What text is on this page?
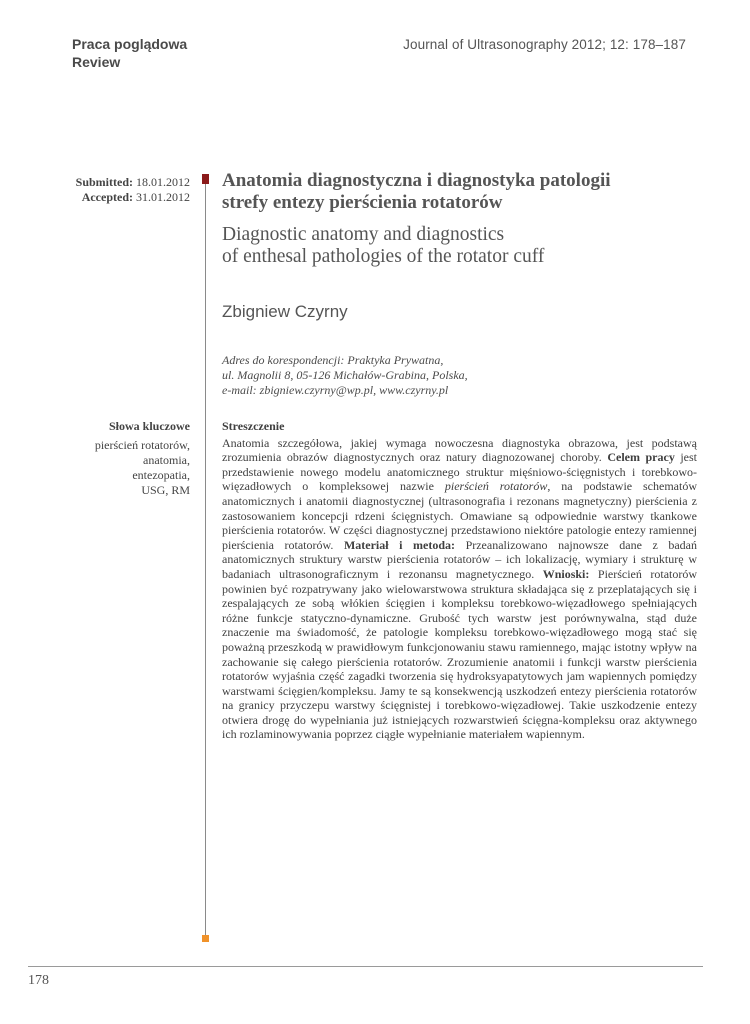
Praca poglądowa
Review
Journal of Ultrasonography 2012; 12: 178–187
Submitted: 18.01.2012
Accepted: 31.01.2012
Anatomia diagnostyczna i diagnostyka patologii
strefy entezy pierścienia rotatorów
Diagnostic anatomy and diagnostics
of enthesal pathologies of the rotator cuff
Zbigniew Czyrny
Adres do korespondencji: Praktyka Prywatna,
ul. Magnolii 8, 05-126 Michałów-Grabina, Polska,
e-mail: zbigniew.czyrny@wp.pl, www.czyrny.pl
Słowa kluczowe
pierścień rotatorów,
anatomia,
entezopatia,
USG, RM
Streszczenie
Anatomia szczegółowa, jakiej wymaga nowoczesna diagnostyka obrazowa, jest podstawą zrozumienia obrazów diagnostycznych oraz natury diagnozowanej choroby. Celem pracy jest przedstawienie nowego modelu anatomicznego struktur mięśniowo-ścięgnistych i torebkowo-więzadłowych o kompleksowej nazwie pierścień rotatorów, na podstawie schematów anatomicznych i anatomii diagnostycznej (ultrasonografia i rezonans magnetyczny) pierścienia z zastosowaniem koncepcji rdzeni ścięgnistych. Omawiane są odpowiednie warstwy tkankowe pierścienia rotatorów. W części diagnostycznej przedstawiono niektóre patologie entezy ramiennej pierścienia rotatorów. Materiał i metoda: Przeanalizowano najnowsze dane z badań anatomicznych struktury warstw pierścienia rotatorów – ich lokalizację, wymiary i strukturę w badaniach ultrasonograficznym i rezonansu magnetycznego. Wnioski: Pierścień rotatorów powinien być rozpatrywany jako wielowarstwowa struktura składająca się z przeplatających się i zespalających ze sobą włókien ścięgien i kompleksu torebkowo-więzadłowego spełniających różne funkcje statyczno-dynamiczne. Grubość tych warstw jest porównywalna, stąd duże znaczenie ma świadomość, że patologie kompleksu torebkowo-więzadłowego mogą stać się poważną przeszkodą w prawidłowym funkcjonowaniu stawu ramiennego, mając istotny wpływ na zachowanie się całego pierścienia rotatorów. Zrozumienie anatomii i funkcji warstw pierścienia rotatorów wyjaśnia część zagadki tworzenia się hydroksyapatytowych jam wapiennych pomiędzy warstwami ścięgien/kompleksu. Jamy te są konsekwencją uszkodzeń entezy pierścienia rotatorów na granicy przyczepu warstwy ścięgnistej i torebkowo-więzadłowej. Takie uszkodzenie entezy otwiera drogę do wypełniania już istniejących rozwarstwień ścięgna-kompleksu oraz aktywnego ich rozlaminowywania poprzez ciągłe wypełnianie materiałem wapiennym.
178
